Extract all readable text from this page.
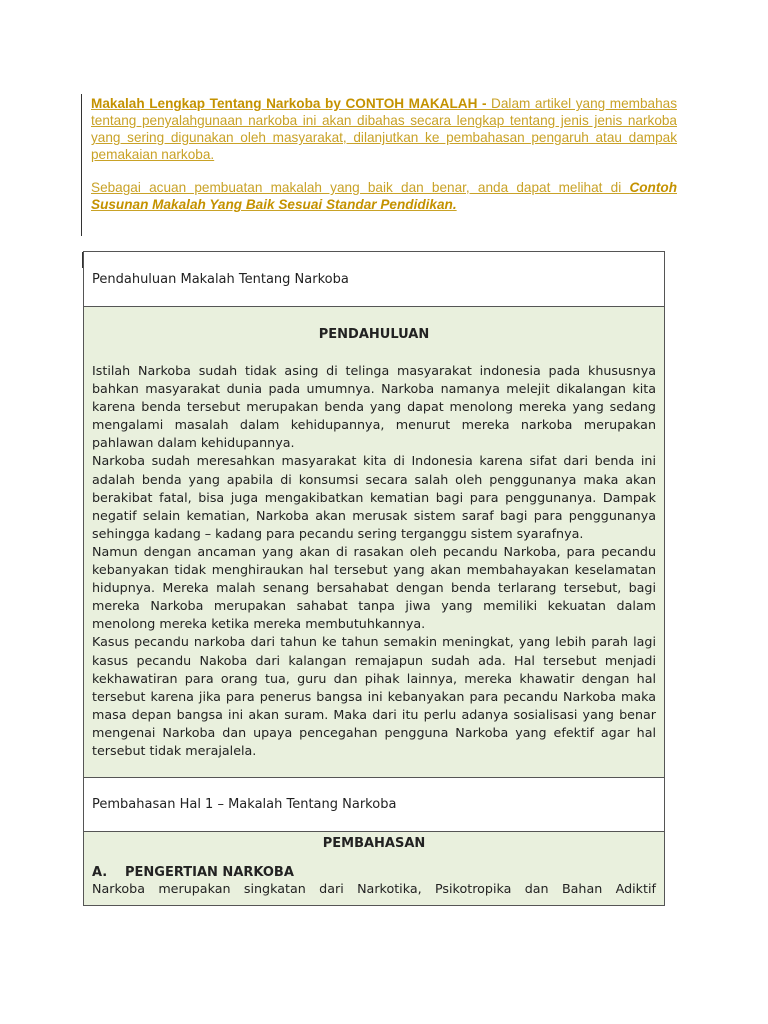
Makalah Lengkap Tentang Narkoba by CONTOH MAKALAH - Dalam artikel yang membahas tentang penyalahgunaan narkoba ini akan dibahas secara lengkap tentang jenis jenis narkoba yang sering digunakan oleh masyarakat, dilanjutkan ke pembahasan pengaruh atau dampak pemakaian narkoba.

Sebagai acuan pembuatan makalah yang baik dan benar, anda dapat melihat di Contoh Susunan Makalah Yang Baik Sesuai Standar Pendidikan.

Pendahuluan Makalah Tentang Narkoba
PENDAHULUAN

Istilah Narkoba sudah tidak asing di telinga masyarakat indonesia pada khususnya bahkan masyarakat dunia pada umumnya. Narkoba namanya melejit dikalangan kita karena benda tersebut merupakan benda yang dapat menolong mereka yang sedang mengalami masalah dalam kehidupannya, menurut mereka narkoba merupakan pahlawan dalam kehidupannya.

Narkoba sudah meresahkan masyarakat kita di Indonesia karena sifat dari benda ini adalah benda yang apabila di konsumsi secara salah oleh penggunanya maka akan berakibat fatal, bisa juga mengakibatkan kematian bagi para penggunanya. Dampak negatif selain kematian, Narkoba akan merusak sistem saraf bagi para penggunanya sehingga kadang – kadang para pecandu sering terganggu sistem syarafnya.

Namun dengan ancaman yang akan di rasakan oleh pecandu Narkoba, para pecandu kebanyakan tidak menghiraukan hal tersebut yang akan membahayakan keselamatan hidupnya. Mereka malah senang bersahabat dengan benda terlarang tersebut, bagi mereka Narkoba merupakan sahabat tanpa jiwa yang memiliki kekuatan dalam menolong mereka ketika mereka membutuhkannya.

Kasus pecandu narkoba dari tahun ke tahun semakin meningkat, yang lebih parah lagi kasus pecandu Nakoba dari kalangan remajapun sudah ada. Hal tersebut menjadi kekhawatiran para orang tua, guru dan pihak lainnya, mereka khawatir dengan hal tersebut karena jika para penerus bangsa ini kebanyakan para pecandu Narkoba maka masa depan bangsa ini akan suram. Maka dari itu perlu adanya sosialisasi yang benar mengenai Narkoba dan upaya pencegahan pengguna Narkoba yang efektif agar hal tersebut tidak merajalela.

Pembahasan Hal 1 – Makalah Tentang Narkoba
PEMBAHASAN
A. PENGERTIAN NARKOBA
Narkoba merupakan singkatan dari Narkotika, Psikotropika dan Bahan Adiktif
